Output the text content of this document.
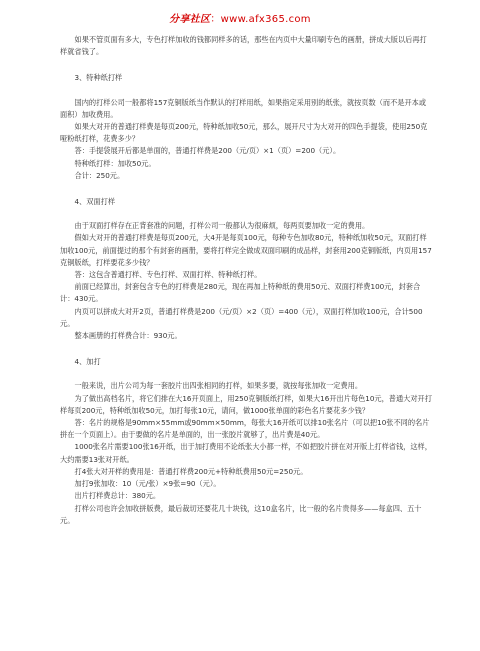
分享社区：www.afx365.com

如果不管页面有多大，专色打样加收的钱都同样多的话，那些在内页中大量印刷专色的画册，拼成大版以后再打样就省钱了。

3、特种纸打样

国内的打样公司一般都将157克铜版纸当作默认的打样用纸，如果指定采用别的纸张，就按页数（而不是开本或面积）加收费用。

如果大对开的普通打样费是每页200元，特种纸加收50元，那么，展开尺寸为大对开的四色手提袋，使用250克哑粉纸打样，花费多少？

答：手提袋展开后都是单面的，普通打样费是200（元/页）×1（页）=200（元）。

特种纸打样：加收50元。

合计：250元。

4、双面打样

由于双面打样存在正背套准的问题，打样公司一般都认为很麻烦，每两页要加收一定的费用。

假如大对开的普通打样费是每页200元，大4开是每页100元，每种专色加收80元，特种纸加收50元，双面打样加收100元，前面提过的那个有封套的画册，要将打样完全做成双面印刷的成品样，封套用200克铜版纸，内页用157克铜版纸，打样要花多少钱？

答：这包含普通打样、专色打样、双面打样、特种纸打样。

前面已经算出，封套包含专色的打样费是280元，现在再加上特种纸的费用50元、双面打样费100元，封套合计：430元。

内页可以拼成大对开2页，普通打样费是200（元/页）×2（页）=400（元），双面打样加收100元，合计500元。

整本画册的打样费合计：930元。

4、加打

一般来说，出片公司为每一套胶片出四张相同的打样，如果多要，就按每张加收一定费用。

为了做出高档名片，将它们排在大16开页面上，用250克铜版纸打样，如果大16开出片每色10元，普通大对开打样每页200元，特种纸加收50元，加打每张10元，请问，做1000张单面的彩色名片要花多少钱？

答：名片的规格是90mm×55mm或90mm×50mm，每张大16开纸可以排10张名片（可以把10张不同的名片拼在一个页面上）。由于要做的名片是单面的，出一张胶片就够了，出片费是40元。

1000张名片需要100张16开纸，出于加打费用不论纸张大小都一样，不如把胶片拼在对开版上打样省钱，这样，大约需要13张对开纸。

打4张大对开样的费用是：普通打样费200元+特种纸费用50元=250元。

加打9张加收：10（元/张）×9张=90（元）。

出片打样费总计：380元。

打样公司也许会加收拼版费，最后裁切还要花几十块钱，这10盒名片，比一般的名片贵得多——每盒四、五十元。
